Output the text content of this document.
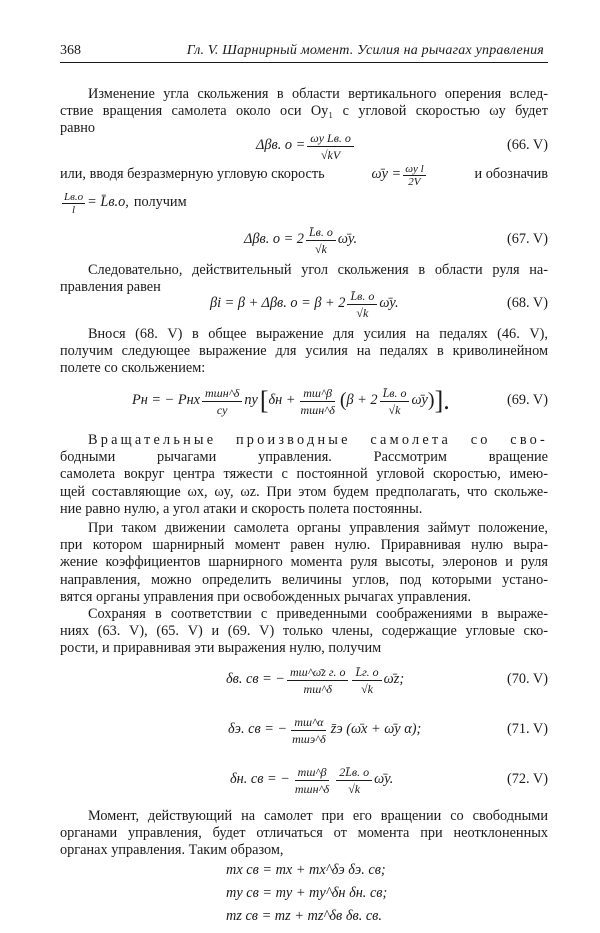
368	Гл. V. Шарнирный момент. Усилия на рычагах управления
Изменение угла скольжения в области вертикального оперения вслед-
ствие вращения самолета около оси Oy₁ с угловой скоростью ωy будет
равно
Δβв. $о = \frac{\text{ωy Lв. о}}{√kV}$	(66. V)
или, вводя безразмерную угловую скорость	ω̄y = $\frac{\text{ωy l}}{2V}$	и обозначив
$\frac{Lв.о}{l}$ = L̄в.о, получим
Δβв. $о = 2 \frac{L̄в. о}{√k}$ ω̄y.	(67. V)
Следовательно, действительный угол скольжения в области руля на-
правления равен
βi = β + Δβв. $о = \beta + 2 \frac{L̄в. о}{√k}$ ω̄y.	(68. V)
Внося (68. V) в общее выражение для усилия на педалях (46. V),
получим следующее выражение для усилия на педалях в криволинейном
полете со скольжением:
Pн = − Pнx $\frac{\text{mшн\textasciicircum{}δ}}{cy}$ ny [ $\delta н + \frac{mш\^{}\beta}{\text{mшн\textasciicircum{}δ}}$ ( $\beta + 2 \frac{L̄в. о}{√k}$ ω̄y ) ].	(69. V)
Вращательные производные самолета со сво-
бодными рычагами управления. Рассмотрим вращение
самолета вокруг центра тяжести с постоянной угловой скоростью, имею-
щей составляющие ωx, ωy, ωz. При этом будем предполагать, что скольже-
ние равно нулю, а угол атаки и скорость полета постоянны.
При таком движении самолета органы управления займут положение,
при котором шарнирный момент равен нулю. Приравнивая нулю выра-
жение коэффициентов шарнирного момента руля высоты, элеронов и руля
направления, можно определить величины углов, под которыми устано-
вятся органы управления при освобожденных рычагах управления.
Сохраняя в соответствии с приведенными соображениями в выраже-
ниях (63. V), (65. V) и (69. V) только члены, содержащие угловые ско-
рости, и приравнивая эти выражения нулю, получим
δв. св = − $\frac{\text{mш\textasciicircum{}ω̄z г. о}}{mш\^{}\delta} \frac{L̄г. о}{√k}$ ω̄z;	(70. V)
δэ. св = − $\frac{mш\^{}\alpha}{\text{mшэ\textasciicircum{}δ}}$ z̄э (ω̄x + ω̄y α);	(71. V)
δн. св = − $\frac{mш\^{}\beta}{\text{mшн\textasciicircum{}δ}} \frac{2L̄в. о}{√k}$ ω̄y.	(72. V)
Момент, действующий на самолет при его вращении со свободными
органами управления, будет отличаться от момента при неотклоненных
органах управления. Таким образом,
mx св = mx + mx^δэ δэ. св;
my св = my + my^δн δн. св;
mz св = mz + mz^δв δв. св.
